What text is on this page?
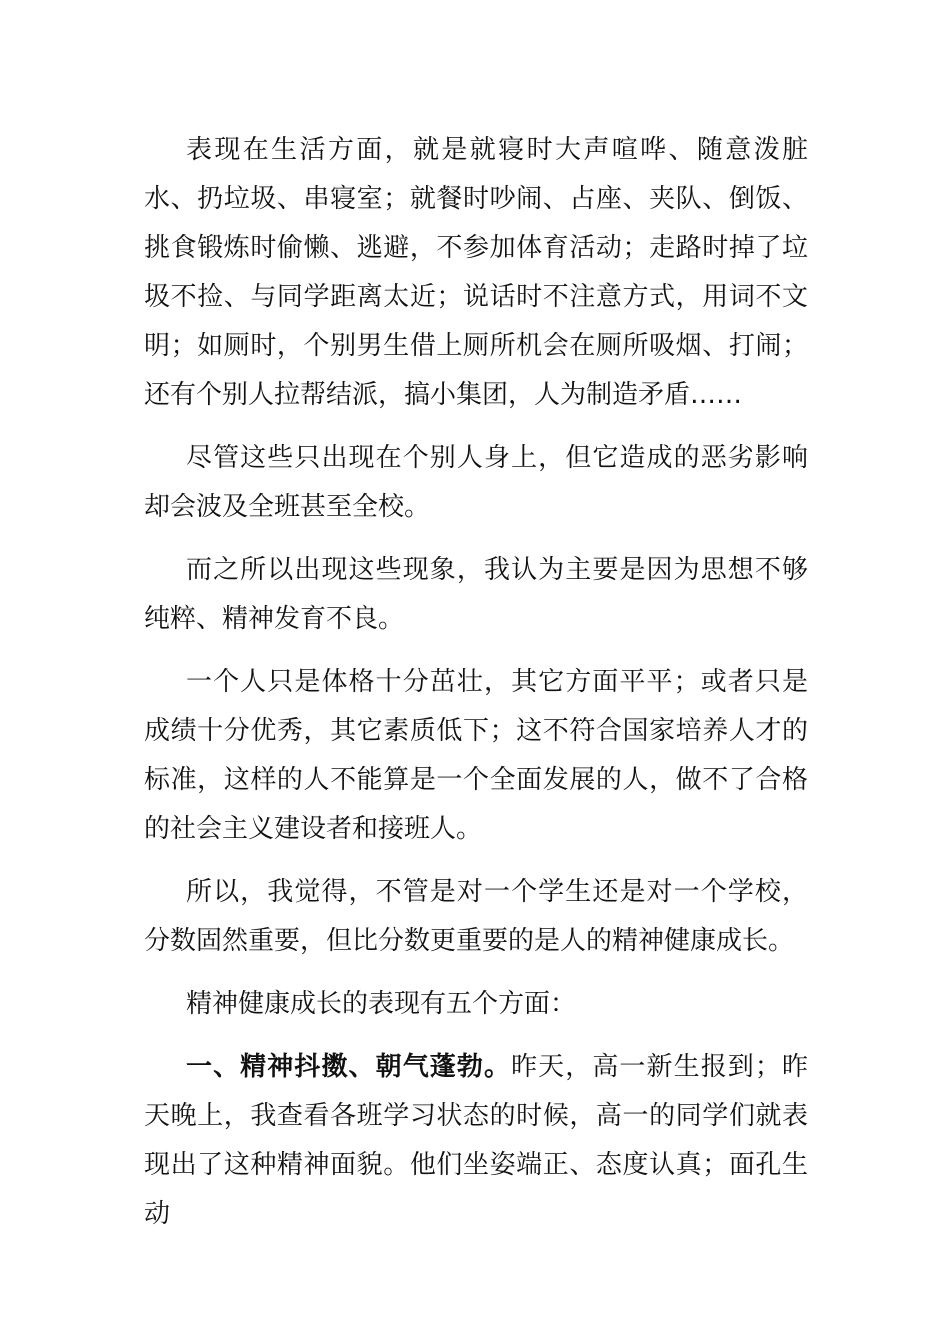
表现在生活方面，就是就寝时大声喧哗、随意泼脏水、扔垃圾、串寝室；就餐时吵闹、占座、夹队、倒饭、挑食锻炼时偷懒、逃避，不参加体育活动；走路时掉了垃圾不捡、与同学距离太近；说话时不注意方式，用词不文明；如厕时，个别男生借上厕所机会在厕所吸烟、打闹；还有个别人拉帮结派，搞小集团，人为制造矛盾……

尽管这些只出现在个别人身上，但它造成的恶劣影响却会波及全班甚至全校。

而之所以出现这些现象，我认为主要是因为思想不够纯粹、精神发育不良。

一个人只是体格十分茁壮，其它方面平平；或者只是成绩十分优秀，其它素质低下；这不符合国家培养人才的标准，这样的人不能算是一个全面发展的人，做不了合格的社会主义建设者和接班人。

所以，我觉得，不管是对一个学生还是对一个学校，分数固然重要，但比分数更重要的是人的精神健康成长。

精神健康成长的表现有五个方面：

一、精神抖擞、朝气蓬勃。昨天，高一新生报到；昨天晚上，我查看各班学习状态的时候，高一的同学们就表现出了这种精神面貌。他们坐姿端正、态度认真；面孔生动
